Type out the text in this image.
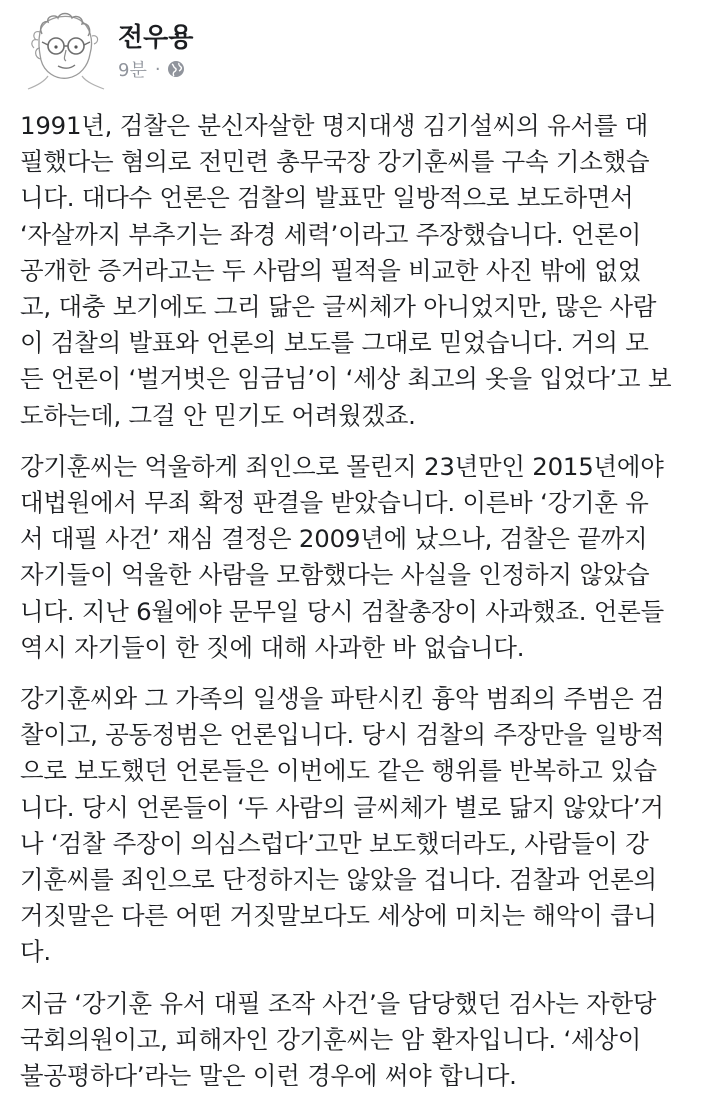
전우용
9분 ·
1991년, 검찰은 분신자살한 명지대생 김기설씨의 유서를 대
필했다는 혐의로 전민련 총무국장 강기훈씨를 구속 기소했습
니다. 대다수 언론은 검찰의 발표만 일방적으로 보도하면서
‘자살까지 부추기는 좌경 세력’이라고 주장했습니다. 언론이
공개한 증거라고는 두 사람의 필적을 비교한 사진 밖에 없었
고, 대충 보기에도 그리 닮은 글씨체가 아니었지만, 많은 사람
이 검찰의 발표와 언론의 보도를 그대로 믿었습니다. 거의 모
든 언론이 ‘벌거벗은 임금님’이 ‘세상 최고의 옷을 입었다’고 보
도하는데, 그걸 안 믿기도 어려웠겠죠.
강기훈씨는 억울하게 죄인으로 몰린지 23년만인 2015년에야
대법원에서 무죄 확정 판결을 받았습니다. 이른바 ‘강기훈 유
서 대필 사건’ 재심 결정은 2009년에 났으나, 검찰은 끝까지
자기들이 억울한 사람을 모함했다는 사실을 인정하지 않았습
니다. 지난 6월에야 문무일 당시 검찰총장이 사과했죠. 언론들
역시 자기들이 한 짓에 대해 사과한 바 없습니다.
강기훈씨와 그 가족의 일생을 파탄시킨 흉악 범죄의 주범은 검
찰이고, 공동정범은 언론입니다. 당시 검찰의 주장만을 일방적
으로 보도했던 언론들은 이번에도 같은 행위를 반복하고 있습
니다. 당시 언론들이 ‘두 사람의 글씨체가 별로 닮지 않았다’거
나 ‘검찰 주장이 의심스럽다’고만 보도했더라도, 사람들이 강
기훈씨를 죄인으로 단정하지는 않았을 겁니다. 검찰과 언론의
거짓말은 다른 어떤 거짓말보다도 세상에 미치는 해악이 큽니
다.
지금 ‘강기훈 유서 대필 조작 사건’을 담당했던 검사는 자한당
국회의원이고, 피해자인 강기훈씨는 암 환자입니다. ‘세상이
불공평하다’라는 말은 이런 경우에 써야 합니다.
